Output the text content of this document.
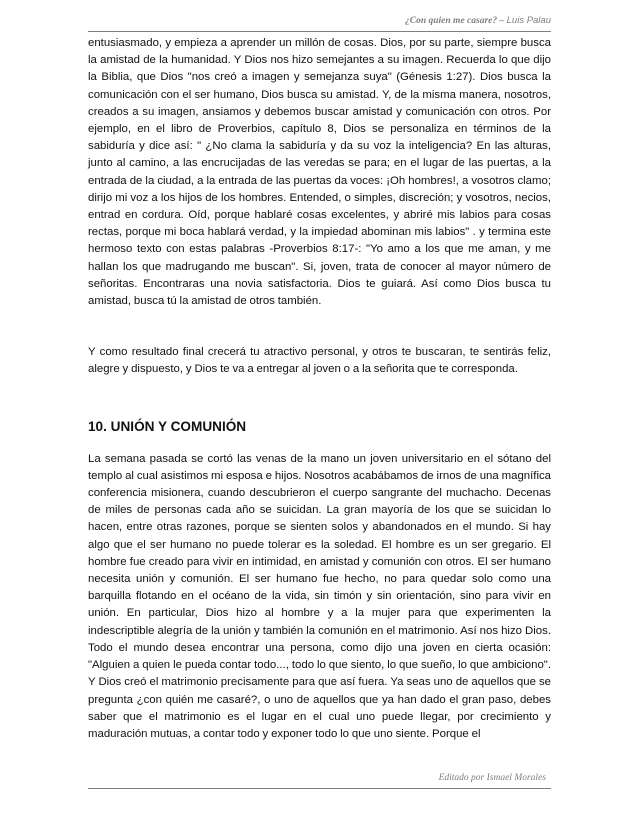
¿Con quien me casare? – Luis Palau

entusiasmado, y empieza a aprender un millón de cosas. Dios, por su parte, siempre busca la amistad de la humanidad. Y Dios nos hizo semejantes a su imagen. Recuerda lo que dijo la Biblia, que Dios "nos creó a imagen y semejanza suya" (Génesis 1:27). Dios busca la comunicación con el ser humano, Dios busca su amistad. Y, de la misma manera, nosotros, creados a su imagen, ansiamos y debemos buscar amistad y comunicación con otros. Por ejemplo, en el libro de Proverbios, capítulo 8, Dios se personaliza en términos de la sabiduría y dice así: " ¿No clama la sabiduría y da su voz la inteligencia? En las alturas, junto al camino, a las encrucijadas de las veredas se para; en el lugar de las puertas, a la entrada de la ciudad, a la entrada de las puertas da voces: ¡Oh hombres!, a vosotros clamo; dirijo mi voz a los hijos de los hombres. Entended, o simples, discreción; y vosotros, necios, entrad en cordura. Oíd, porque hablaré cosas excelentes, y abriré mis labios para cosas rectas, porque mi boca hablará verdad, y la impiedad abominan mis labios" . y termina este hermoso texto con estas palabras -Proverbios 8:17-: "Yo amo a los que me aman, y me hallan los que madrugando me buscan". Si, joven, trata de conocer al mayor número de señoritas. Encontraras una novia satisfactoria. Dios te guiará. Así como Dios busca tu amistad, busca tú la amistad de otros también.

Y como resultado final crecerá tu atractivo personal, y otros te buscaran, te sentirás feliz, alegre y dispuesto, y Dios te va a entregar al joven o a la señorita que te corresponda.

10. UNIÓN Y COMUNIÓN

La semana pasada se cortó las venas de la mano un joven universitario en el sótano del templo al cual asistimos mi esposa e hijos. Nosotros acabábamos de irnos de una magnífica conferencia misionera, cuando descubrieron el cuerpo sangrante del muchacho. Decenas de miles de personas cada año se suicidan. La gran mayoría de los que se suicidan lo hacen, entre otras razones, porque se sienten solos y abandonados en el mundo. Si hay algo que el ser humano no puede tolerar es la soledad. El hombre es un ser gregario. El hombre fue creado para vivir en intimidad, en amistad y comunión con otros. El ser humano necesita unión y comunión. El ser humano fue hecho, no para quedar solo como una barquilla flotando en el océano de la vida, sin timón y sin orientación, sino para vivir en unión. En particular, Dios hizo al hombre y a la mujer para que experimenten la indescriptible alegría de la unión y también la comunión en el matrimonio. Así nos hizo Dios. Todo el mundo desea encontrar una persona, como dijo una joven en cierta ocasión: "Alguien a quien le pueda contar todo..., todo lo que siento, lo que sueño, lo que ambiciono". Y Dios creó el matrimonio precisamente para que así fuera. Ya seas uno de aquellos que se pregunta ¿con quién me casaré?, o uno de aquellos que ya han dado el gran paso, debes saber que el matrimonio es el lugar en el cual uno puede llegar, por crecimiento y maduración mutuas, a contar todo y exponer todo lo que uno siente. Porque el

Editado por Ismael Morales
